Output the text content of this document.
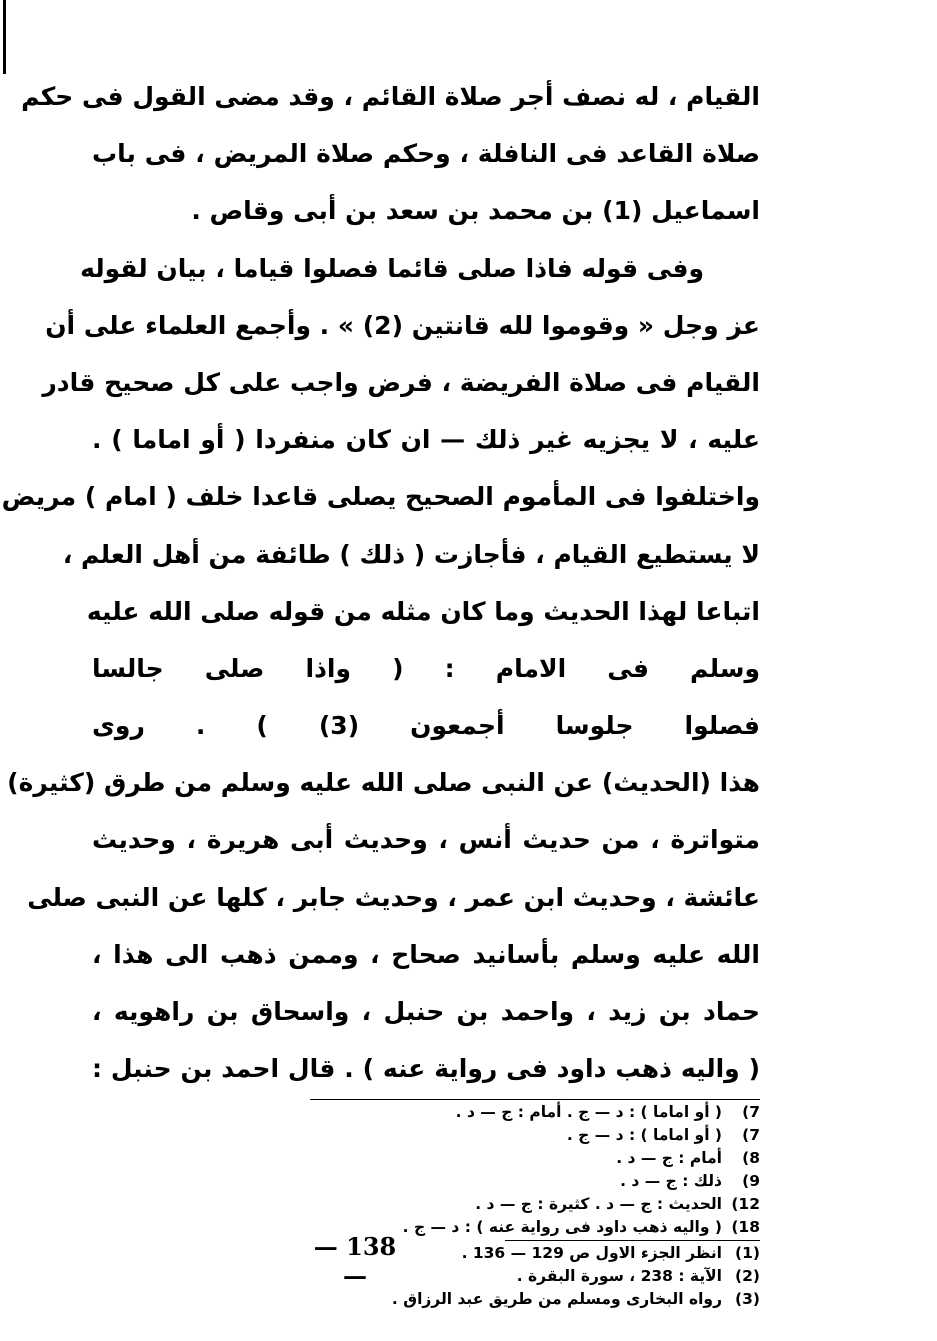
القيام ، له نصف أجر صلاة القائم ، وقد مضى القول فى حكم
صلاة القاعد فى النافلة ، وحكم صلاة المريض ، فى باب
اسماعيل (1) بن محمد بن سعد بن أبى وقاص .
وفى قوله فاذا صلى قائما فصلوا قياما ، بيان لقوله
عز وجل « وقوموا لله قانتين (2) » . وأجمع العلماء على أن
القيام فى صلاة الفريضة ، فرض واجب على كل صحيح قادر
عليه ، لا يجزيه غير ذلك — ان كان منفردا ( أو اماما ) .
واختلفوا فى المأموم الصحيح يصلى قاعدا خلف ( امام ) مريض
لا يستطيع القيام ، فأجازت ( ذلك ) طائفة من أهل العلم ،
اتباعا لهذا الحديث وما كان مثله من قوله صلى الله عليه
وسلم فى الامام : ( واذا صلى جالسا
فصلوا جلوسا أجمعون (3) ) . روى
هذا (الحديث) عن النبى صلى الله عليه وسلم من طرق (كثيرة)
متواترة ، من حديث أنس ، وحديث أبى هريرة ، وحديث
عائشة ، وحديث ابن عمر ، وحديث جابر ، كلها عن النبى صلى
الله عليه وسلم بأسانيد صحاح ، وممن ذهب الى هذا ،
حماد بن زيد ، واحمد بن حنبل ، واسحاق بن راهويه ،
( واليه ذهب داود فى رواية عنه ) . قال احمد بن حنبل :
7)
( أو اماما ) : د — ج . أمام : ج — د .
7)
( أو اماما ) : د — ج .
8)
أمام : ج — د .
9)
ذلك : ج — د .
12)
الحديث : ج — د . كثيرة : ج — د .
18)
( واليه ذهب داود فى رواية عنه ) : د — ج .
(1)
انظر الجزء الاول ص 129 — 136 .
(2)
الآية : 238 ، سورة البقرة .
(3)
رواه البخارى ومسلم من طريق عبد الرزاق .
— 138 —
